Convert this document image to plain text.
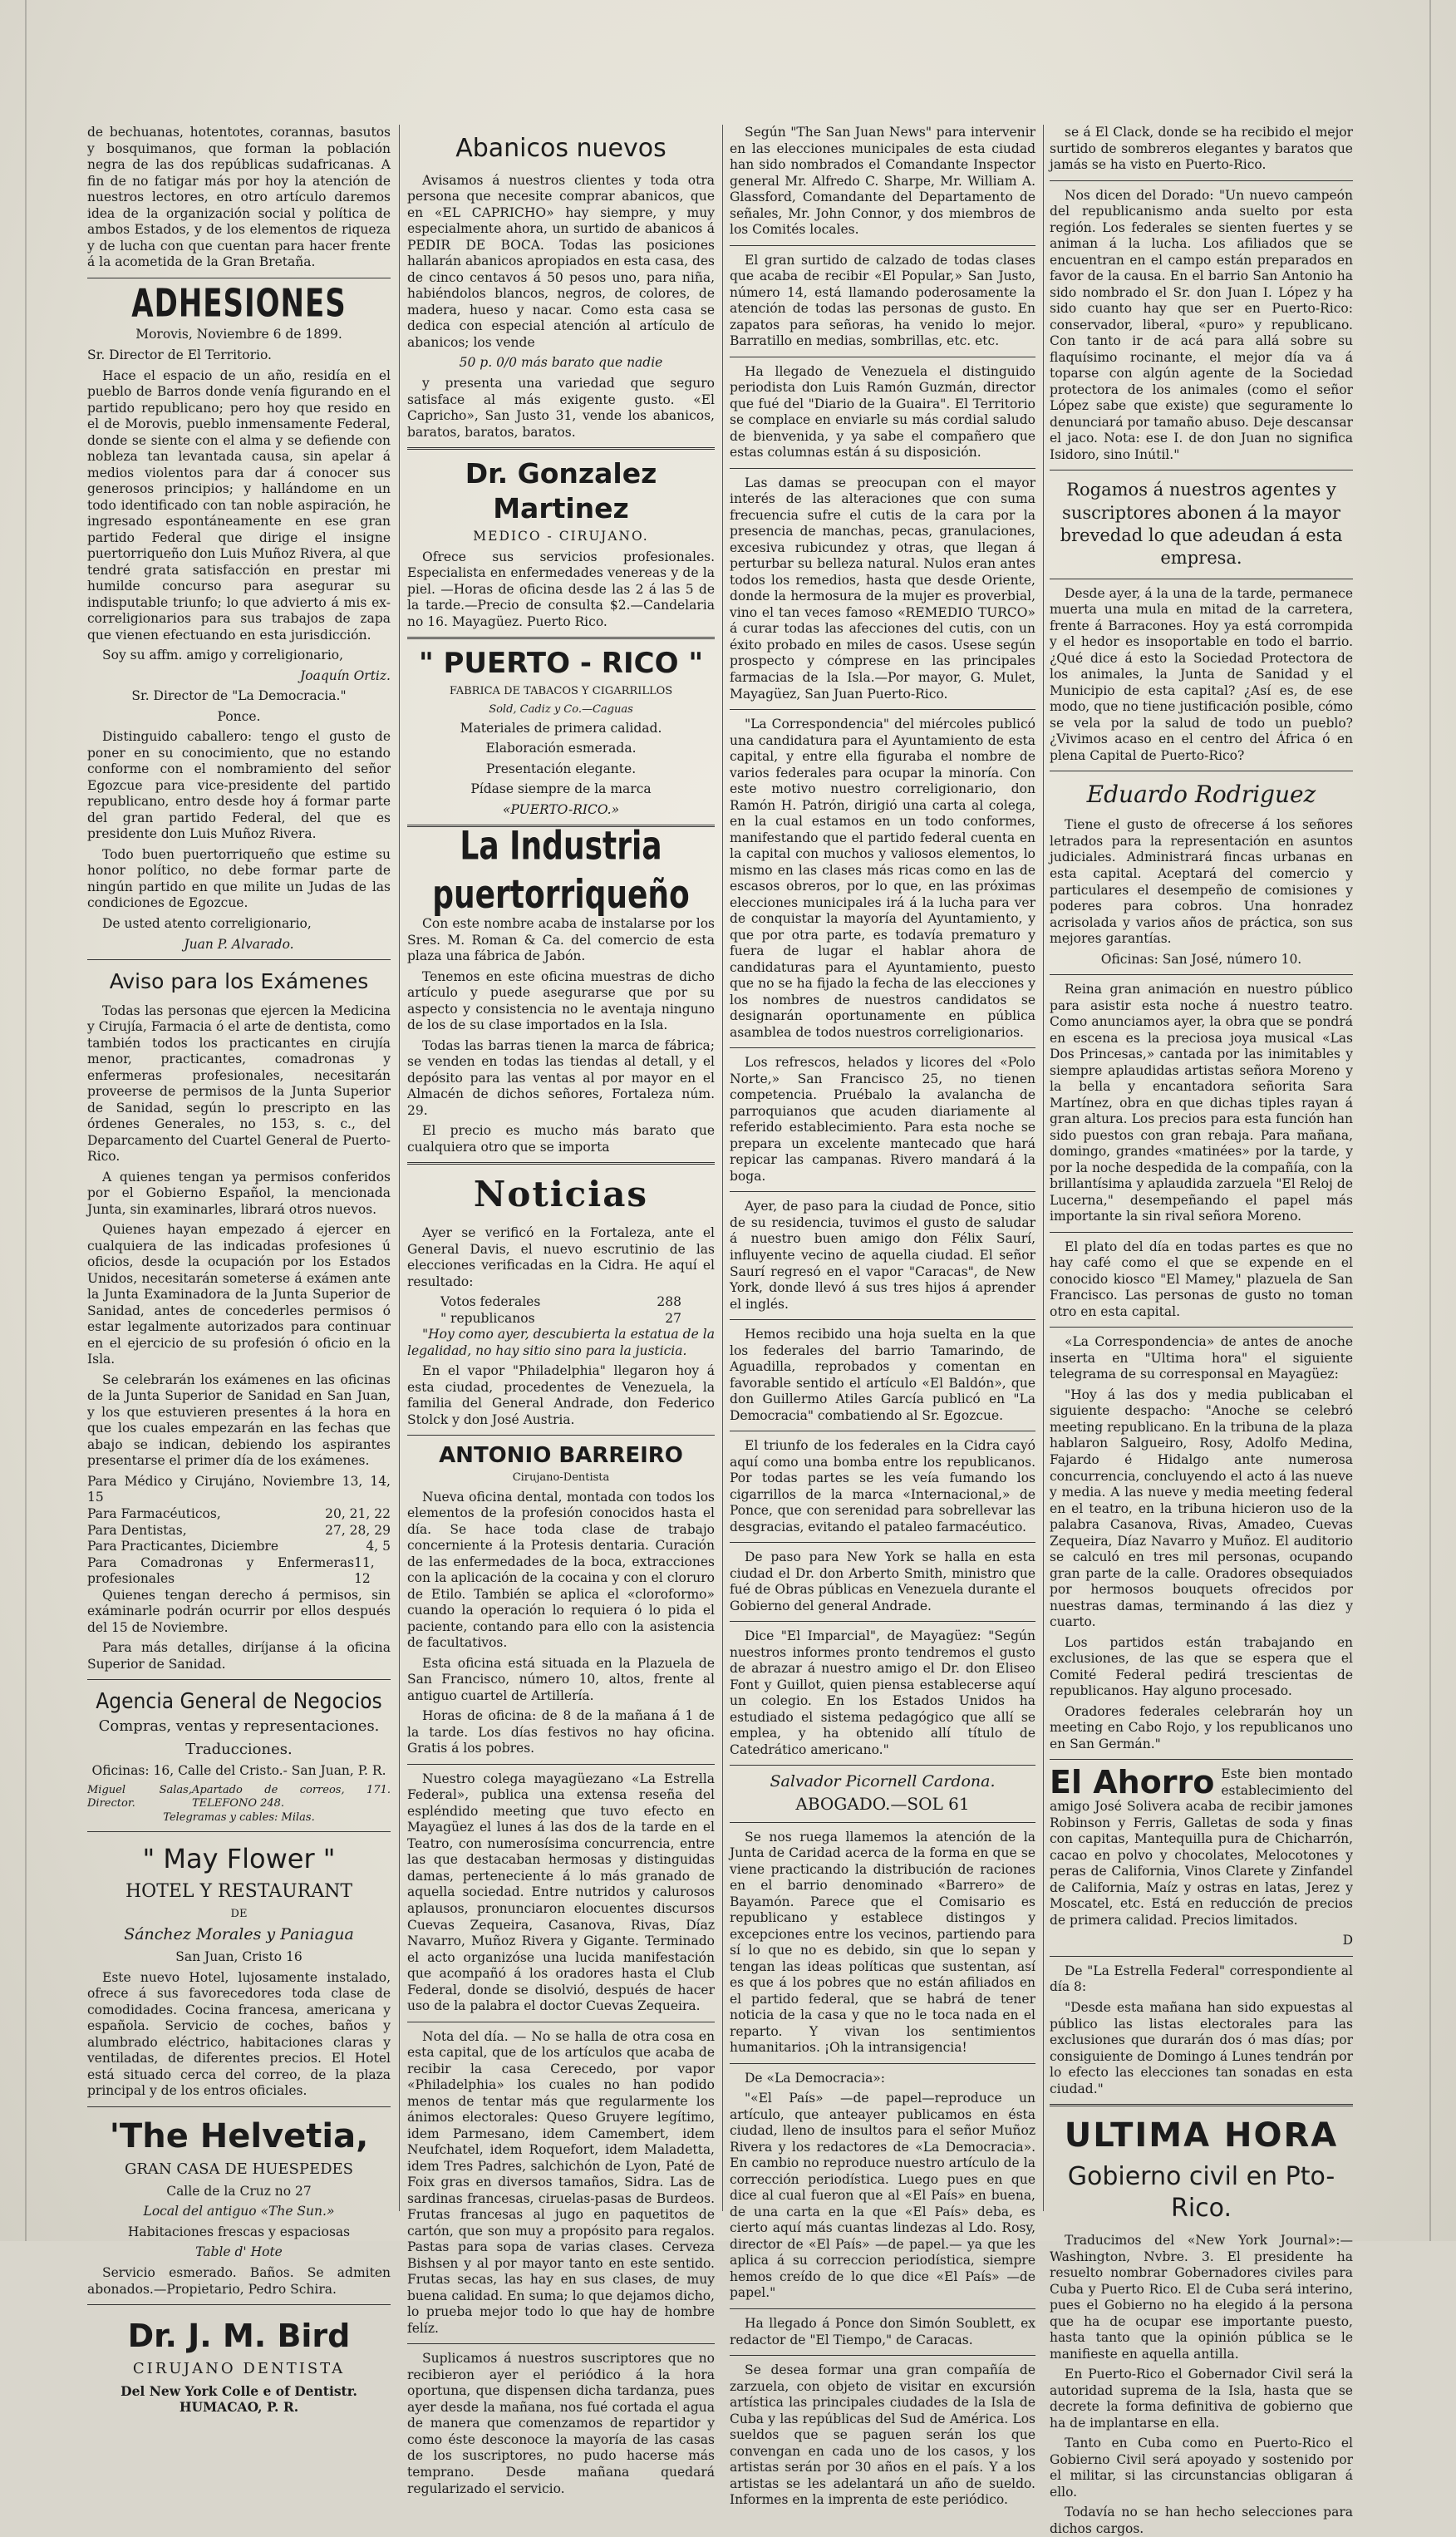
de bechuanas, hotentotes, corannas, basutos y bosquimanos, que forman la población negra de las dos repúblicas sudafricanas. A fin de no fatigar más por hoy la atención de nuestros lectores, en otro artículo daremos idea de la organización social y política de ambos Estados, y de los elementos de riqueza y de lucha con que cuentan para hacer frente á la acometida de la Gran Bretaña.

ADHESIONES

Morovis, Noviembre 6 de 1899.

Sr. Director de El Territorio.

Hace el espacio de un año, residía en el pueblo de Barros donde venía figurando en el partido republicano; pero hoy que resido en el de Morovis, pueblo inmensamente Federal, donde se siente con el alma y se defiende con nobleza tan levantada causa, sin apelar á medios violentos para dar á conocer sus generosos principios; y hallándome en un todo identificado con tan noble aspiración, he ingresado espontáneamente en ese gran partido Federal que dirige el insigne puertorriqueño don Luis Muñoz Rivera, al que tendré grata satisfacción en prestar mi humilde concurso para asegurar su indisputable triunfo; lo que advierto á mis ex-correligionarios para sus trabajos de zapa que vienen efectuando en esta jurisdicción.

Soy su affm. amigo y correligionario,

Joaquín Ortiz.

Sr. Director de "La Democracia."

Ponce.

Distinguido caballero: tengo el gusto de poner en su conocimiento, que no estando conforme con el nombramiento del señor Egozcue para vice-presidente del partido republicano, entro desde hoy á formar parte del gran partido Federal, del que es presidente don Luis Muñoz Rivera.

Todo buen puertorriqueño que estime su honor político, no debe formar parte de ningún partido en que milite un Judas de las condiciones de Egozcue.

De usted atento correligionario,

Juan P. Alvarado.

Aviso para los Exámenes

Todas las personas que ejercen la Medicina y Cirujía, Farmacia ó el arte de dentista, como también todos los practicantes en cirujía menor, practicantes, comadronas y enfermeras profesionales, necesitarán proveerse de permisos de la Junta Superior de Sanidad, según lo prescripto en las órdenes Generales, no 153, s. c., del Deparcamento del Cuartel General de Puerto-Rico.

A quienes tengan ya permisos conferidos por el Gobierno Español, la mencionada Junta, sin examinarles, librará otros nuevos.

Quienes hayan empezado á ejercer en cualquiera de las indicadas profesiones ú oficios, desde la ocupación por los Estados Unidos, necesitarán someterse á exámen ante la Junta Examinadora de la Junta Superior de Sanidad, antes de concederles permisos ó estar legalmente autorizados para continuar en el ejercicio de su profesión ó oficio en la Isla.

Se celebrarán los exámenes en las oficinas de la Junta Superior de Sanidad en San Juan, y los que estuvieren presentes á la hora en que los cuales empezarán en las fechas que abajo se indican, debiendo los aspirantes presentarse el primer día de los exámenes.

Para Médico y Cirujáno, Noviembre 13, 14, 15
Para Farmacéuticos,	20, 21, 22
Para Dentistas,	27, 28, 29
Para Practicantes, Diciembre	4, 5
Para Comadronas y Enfermeras profesionales
11, 12

Quienes tengan derecho á permisos, sin exáminarle podrán ocurrir por ellos después del 15 de Noviembre.

Para más detalles, diríjanse á la oficina Superior de Sanidad.

Agencia General de Negocios

Compras, ventas y representaciones.

Traducciones.

Oficinas: 16, Calle del Cristo.- San Juan, P. R.

Miguel Salas, Director.
Apartado de correos, 171. TELEFONO 248.

Telegramas y cables: Milas.

" May Flower "

HOTEL Y RESTAURANT

DE

Sánchez Morales y Paniagua

San Juan, Cristo 16

Este nuevo Hotel, lujosamente instalado, ofrece á sus favorecedores toda clase de comodidades. Cocina francesa, americana y española. Servicio de coches, baños y alumbrado eléctrico, habitaciones claras y ventiladas, de diferentes precios. El Hotel está situado cerca del correo, de la plaza principal y de los entros oficiales.

'The Helvetia,

GRAN CASA DE HUESPEDES

Calle de la Cruz no 27

Local del antiguo «The Sun.»

Habitaciones frescas y espaciosas

Table d' Hote

Servicio esmerado. Baños. Se admiten abonados.—Propietario, Pedro Schira.

Dr. J. M. Bird

CIRUJANO DENTISTA

Del New York Colle e of Dentistr. HUMACAO, P. R.

Abanicos nuevos

Avisamos á nuestros clientes y toda otra persona que necesite comprar abanicos, que en «EL CAPRICHO» hay siempre, y muy especialmente ahora, un surtido de abanicos á PEDIR DE BOCA. Todas las posiciones hallarán abanicos apropiados en esta casa, des de cinco centavos á 50 pesos uno, para niña, habiéndolos blancos, negros, de colores, de madera, hueso y nacar. Como esta casa se dedica con especial atención al artículo de abanicos; los vende

50 p. 0/0 más barato que nadie

y presenta una variedad que seguro satisface al más exigente gusto. «El Capricho», San Justo 31, vende los abanicos, baratos, baratos, baratos.

Dr. Gonzalez Martinez

MEDICO - CIRUJANO.

Ofrece sus servicios profesionales. Especialista en enfermedades venereas y de la piel. —Horas de oficina desde las 2 á las 5 de la tarde.—Precio de consulta $2.—Candelaria no 16. Mayagüez. Puerto Rico.

" PUERTO - RICO "

FABRICA DE TABACOS Y CIGARRILLOS

Sold, Cadiz y Co.—Caguas

Materiales de primera calidad.

Elaboración esmerada.

Presentación elegante.

Pídase siempre de la marca

«PUERTO-RICO.»

La Industria puertorriqueño

Con este nombre acaba de instalarse por los Sres. M. Roman & Ca. del comercio de esta plaza una fábrica de Jabón.

Tenemos en este oficina muestras de dicho artículo y puede asegurarse que por su aspecto y consistencia no le aventaja ninguno de los de su clase importados en la Isla.

Todas las barras tienen la marca de fábrica; se venden en todas las tiendas al detall, y el depósito para las ventas al por mayor en el Almacén de dichos señores, Fortaleza núm. 29.

El precio es mucho más barato que cualquiera otro que se importa

Noticias

Ayer se verificó en la Fortaleza, ante el General Davis, el nuevo escrutinio de las elecciones verificadas en la Cidra. He aquí el resultado:

Votos federales	288
" republicanos	27

"Hoy como ayer, descubierta la estatua de la legalidad, no hay sitio sino para la justicia.

En el vapor "Philadelphia" llegaron hoy á esta ciudad, procedentes de Venezuela, la familia del General Andrade, don Federico Stolck y don José Austria.

ANTONIO BARREIRO

Cirujano-Dentista

Nueva oficina dental, montada con todos los elementos de la profesión conocidos hasta el día. Se hace toda clase de trabajo concerniente á la Protesis dentaria. Curación de las enfermedades de la boca, extracciones con la aplicación de la cocaina y con el cloruro de Etilo. También se aplica el «cloroformo» cuando la operación lo requiera ó lo pida el paciente, contando para ello con la asistencia de facultativos.

Esta oficina está situada en la Plazuela de San Francisco, número 10, altos, frente al antiguo cuartel de Artillería.

Horas de oficina: de 8 de la mañana á 1 de la tarde. Los días festivos no hay oficina. Gratis á los pobres.

Nuestro colega mayagüezano «La Estrella Federal», publica una extensa reseña del espléndido meeting que tuvo efecto en Mayagüez el lunes á las dos de la tarde en el Teatro, con numerosísima concurrencia, entre las que destacaban hermosas y distinguidas damas, perteneciente á lo más granado de aquella sociedad. Entre nutridos y calurosos aplausos, pronunciaron elocuentes discursos Cuevas Zequeira, Casanova, Rivas, Díaz Navarro, Muñoz Rivera y Gigante. Terminado el acto organizóse una lucida manifestación que acompañó á los oradores hasta el Club Federal, donde se disolvió, después de hacer uso de la palabra el doctor Cuevas Zequeira.

Nota del día. — No se halla de otra cosa en esta capital, que de los artículos que acaba de recibir la casa Cerecedo, por vapor «Philadelphia» los cuales no han podido menos de tentar más que regularmente los ánimos electorales: Queso Gruyere legítimo, idem Parmesano, idem Camembert, idem Neufchatel, idem Roquefort, idem Maladetta, idem Tres Padres, salchichón de Lyon, Paté de Foix gras en diversos tamaños, Sidra. Las de sardinas francesas, ciruelas-pasas de Burdeos. Frutas francesas al jugo en paquetitos de cartón, que son muy a propósito para regalos. Pastas para sopa de varias clases. Cerveza Bishsen y al por mayor tanto en este sentido. Frutas secas, las hay en sus clases, de muy buena calidad. En suma; lo que dejamos dicho, lo prueba mejor todo lo que hay de hombre felíz.

Suplicamos á nuestros suscriptores que no recibieron ayer el periódico á la hora oportuna, que dispensen dicha tardanza, pues ayer desde la mañana, nos fué cortada el agua de manera que comenzamos de repartidor y como éste desconoce la mayoría de las casas de los suscriptores, no pudo hacerse más temprano. Desde mañana quedará regularizado el servicio.

Según "The San Juan News" para intervenir en las elecciones municipales de esta ciudad han sido nombrados el Comandante Inspector general Mr. Alfredo C. Sharpe, Mr. William A. Glassford, Comandante del Departamento de señales, Mr. John Connor, y dos miembros de los Comités locales.

El gran surtido de calzado de todas clases que acaba de recibir «El Popular,» San Justo, número 14, está llamando poderosamente la atención de todas las personas de gusto. En zapatos para señoras, ha venido lo mejor. Barratillo en medias, sombrillas, etc. etc.

Ha llegado de Venezuela el distinguido periodista don Luis Ramón Guzmán, director que fué del "Diario de la Guaira". El Territorio se complace en enviarle su más cordial saludo de bienvenida, y ya sabe el compañero que estas columnas están á su disposición.

Las damas se preocupan con el mayor interés de las alteraciones que con suma frecuencia sufre el cutis de la cara por la presencia de manchas, pecas, granulaciones, excesiva rubicundez y otras, que llegan á perturbar su belleza natural. Nulos eran antes todos los remedios, hasta que desde Oriente, donde la hermosura de la mujer es proverbial, vino el tan veces famoso «REMEDIO TURCO» á curar todas las afecciones del cutis, con un éxito probado en miles de casos. Usese según prospecto y cómprese en las principales farmacias de la Isla.—Por mayor, G. Mulet, Mayagüez, San Juan Puerto-Rico.

"La Correspondencia" del miércoles publicó una candidatura para el Ayuntamiento de esta capital, y entre ella figuraba el nombre de varios federales para ocupar la minoría. Con este motivo nuestro correligionario, don Ramón H. Patrón, dirigió una carta al colega, en la cual estamos en un todo conformes, manifestando que el partido federal cuenta en la capital con muchos y valiosos elementos, lo mismo en las clases más ricas como en las de escasos obreros, por lo que, en las próximas elecciones municipales irá á la lucha para ver de conquistar la mayoría del Ayuntamiento, y que por otra parte, es todavía prematuro y fuera de lugar el hablar ahora de candidaturas para el Ayuntamiento, puesto que no se ha fijado la fecha de las elecciones y los nombres de nuestros candidatos se designarán oportunamente en pública asamblea de todos nuestros correligionarios.

Los refrescos, helados y licores del «Polo Norte,» San Francisco 25, no tienen competencia. Pruébalo la avalancha de parroquianos que acuden diariamente al referido establecimiento. Para esta noche se prepara un excelente mantecado que hará repicar las campanas. Rivero mandará á la boga.

Ayer, de paso para la ciudad de Ponce, sitio de su residencia, tuvimos el gusto de saludar á nuestro buen amigo don Félix Saurí, influyente vecino de aquella ciudad. El señor Saurí regresó en el vapor "Caracas", de New York, donde llevó á sus tres hijos á aprender el inglés.

Hemos recibido una hoja suelta en la que los federales del barrio Tamarindo, de Aguadilla, reprobados y comentan en favorable sentido el artículo «El Baldón», que don Guillermo Atiles García publicó en "La Democracia" combatiendo al Sr. Egozcue.

El triunfo de los federales en la Cidra cayó aquí como una bomba entre los republicanos. Por todas partes se les veía fumando los cigarrillos de la marca «Internacional,» de Ponce, que con serenidad para sobrellevar las desgracias, evitando el pataleo farmacéutico.

De paso para New York se halla en esta ciudad el Dr. don Arberto Smith, ministro que fué de Obras públicas en Venezuela durante el Gobierno del general Andrade.

Dice "El Imparcial", de Mayagüez: "Según nuestros informes pronto tendremos el gusto de abrazar á nuestro amigo el Dr. don Eliseo Font y Guillot, quien piensa establecerse aquí un colegio. En los Estados Unidos ha estudiado el sistema pedagógico que allí se emplea, y ha obtenido allí título de Catedrático americano."

Salvador Picornell Cardona.
ABOGADO.—SOL 61

Se nos ruega llamemos la atención de la Junta de Caridad acerca de la forma en que se viene practicando la distribución de raciones en el barrio denominado «Barrero» de Bayamón. Parece que el Comisario es republicano y establece distingos y excepciones entre los vecinos, partiendo para sí lo que no es debido, sin que lo sepan y tengan las ideas políticas que sustentan, así es que á los pobres que no están afiliados en el partido federal, que se habrá de tener noticia de la casa y que no le toca nada en el reparto. Y vivan los sentimientos humanitarios. ¡Oh la intransigencia!

De «La Democracia»:

"«El País» —de papel—reproduce un artículo, que anteayer publicamos en ésta ciudad, lleno de insultos para el señor Muñoz Rivera y los redactores de «La Democracia». En cambio no reproduce nuestro artículo de la corrección periodística. Luego pues en que dice al cual fueron que al «El País» en buena, de una carta en la que «El País» deba, es cierto aquí más cuantas lindezas al Ldo. Rosy, director de «El País» —de papel.— ya que les aplica á su correccion periodística, siempre hemos creído de lo que dice «El País» —de papel."

Ha llegado á Ponce don Simón Soublett, ex redactor de "El Tiempo," de Caracas.

Se desea formar una gran compañía de zarzuela, con objeto de visitar en excursión artística las principales ciudades de la Isla de Cuba y las repúblicas del Sud de América. Los sueldos que se paguen serán los que convengan en cada uno de los casos, y los artistas serán por 30 años en el país. Y a los artistas se les adelantará un año de sueldo. Informes en la imprenta de este periódico.

se á El Clack, donde se ha recibido el mejor surtido de sombreros elegantes y baratos que jamás se ha visto en Puerto-Rico.

Nos dicen del Dorado: "Un nuevo campeón del republicanismo anda suelto por esta región. Los federales se sienten fuertes y se animan á la lucha. Los afiliados que se encuentran en el campo están preparados en favor de la causa. En el barrio San Antonio ha sido nombrado el Sr. don Juan I. López y ha sido cuanto hay que ser en Puerto-Rico: conservador, liberal, «puro» y republicano. Con tanto ir de acá para allá sobre su flaquísimo rocinante, el mejor día va á toparse con algún agente de la Sociedad protectora de los animales (como el señor López sabe que existe) que seguramente lo denunciará por tamaño abuso. Deje descansar el jaco. Nota: ese I. de don Juan no significa Isidoro, sino Inútil."

Rogamos á nuestros agentes y suscriptores abonen á la mayor brevedad lo que adeudan á esta empresa.

Desde ayer, á la una de la tarde, permanece muerta una mula en mitad de la carretera, frente á Barracones. Hoy ya está corrompida y el hedor es insoportable en todo el barrio. ¿Qué dice á esto la Sociedad Protectora de los animales, la Junta de Sanidad y el Municipio de esta capital? ¿Así es, de ese modo, que no tiene justificación posible, cómo se vela por la salud de todo un pueblo? ¿Vivimos acaso en el centro del África ó en plena Capital de Puerto-Rico?

Eduardo Rodriguez

Tiene el gusto de ofrecerse á los señores letrados para la representación en asuntos judiciales. Administrará fincas urbanas en esta capital. Aceptará del comercio y particulares el desempeño de comisiones y poderes para cobros. Una honradez acrisolada y varios años de práctica, son sus mejores garantías.

Oficinas: San José, número 10.

Reina gran animación en nuestro público para asistir esta noche á nuestro teatro. Como anunciamos ayer, la obra que se pondrá en escena es la preciosa joya musical «Las Dos Princesas,» cantada por las inimitables y siempre aplaudidas artistas señora Moreno y la bella y encantadora señorita Sara Martínez, obra en que dichas tiples rayan á gran altura. Los precios para esta función han sido puestos con gran rebaja. Para mañana, domingo, grandes «matinées» por la tarde, y por la noche despedida de la compañía, con la brillantísima y aplaudida zarzuela "El Reloj de Lucerna," desempeñando el papel más importante la sin rival señora Moreno.

El plato del día en todas partes es que no hay café como el que se expende en el conocido kiosco "El Mamey," plazuela de San Francisco. Las personas de gusto no toman otro en esta capital.

«La Correspondencia» de antes de anoche inserta en "Ultima hora" el siguiente telegrama de su corresponsal en Mayagüez:

"Hoy á las dos y media publicaban el siguiente despacho: "Anoche se celebró meeting republicano. En la tribuna de la plaza hablaron Salgueiro, Rosy, Adolfo Medina, Fajardo é Hidalgo ante numerosa concurrencia, concluyendo el acto á las nueve y media. A las nueve y media meeting federal en el teatro, en la tribuna hicieron uso de la palabra Casanova, Rivas, Amadeo, Cuevas Zequeira, Díaz Navarro y Muñoz. El auditorio se calculó en tres mil personas, ocupando gran parte de la calle. Oradores obsequiados por hermosos bouquets ofrecidos por nuestras damas, terminando á las diez y cuarto.

Los partidos están trabajando en exclusiones, de las que se espera que el Comité Federal pedirá trescientas de republicanos. Hay alguno procesado.

Oradores federales celebrarán hoy un meeting en Cabo Rojo, y los republicanos uno en San Germán."

El Ahorro Este bien montado establecimiento del amigo José Solivera acaba de recibir jamones Robinson y Ferris, Galletas de soda y finas con capitas, Mantequilla pura de Chicharrón, cacao en polvo y chocolates, Melocotones y peras de California, Vinos Clarete y Zinfandel de California, Maíz y ostras en latas, Jerez y Moscatel, etc. Está en reducción de precios de primera calidad. Precios limitados.

D

De "La Estrella Federal" correspondiente al día 8:

"Desde esta mañana han sido expuestas al público las listas electorales para las exclusiones que durarán dos ó mas días; por consiguiente de Domingo á Lunes tendrán por lo efecto las elecciones tan sonadas en esta ciudad."

ULTIMA HORA
Gobierno civil en Pto-Rico.

Traducimos del «New York Journal»:—Washington, Nvbre. 3. El presidente ha resuelto nombrar Gobernadores civiles para Cuba y Puerto Rico. El de Cuba será interino, pues el Gobierno no ha elegido á la persona que ha de ocupar ese importante puesto, hasta tanto que la opinión pública se le manifieste en aquella antilla.

En Puerto-Rico el Gobernador Civil será la autoridad suprema de la Isla, hasta que se decrete la forma definitiva de gobierno que ha de implantarse en ella.

Tanto en Cuba como en Puerto-Rico el Gobierno Civil será apoyado y sostenido por el militar, si las circunstancias obligaran á ello.

Todavía no se han hecho selecciones para dichos cargos.
